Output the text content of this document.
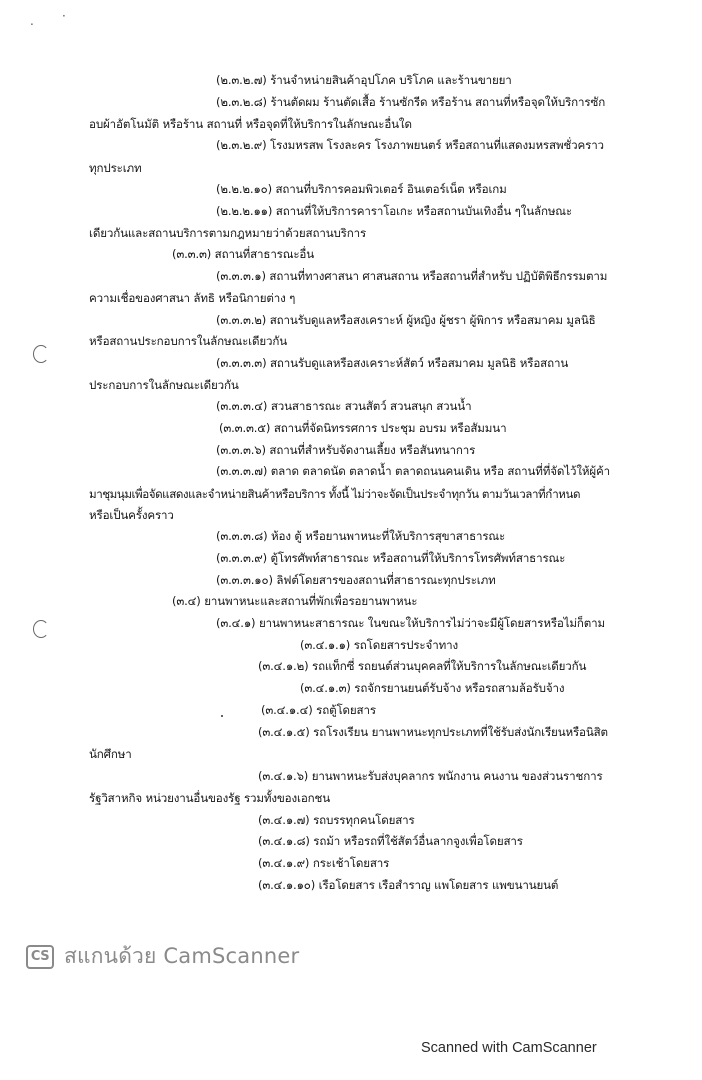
. ·
(๒.๓.๒.๗) ร้านจำหน่ายสินค้าอุปโภค บริโภค และร้านขายยา
(๒.๓.๒.๘) ร้านตัดผม ร้านตัดเสื้อ ร้านซักรีด หรือร้าน สถานที่หรือจุดให้บริการซัก
อบผ้าอัตโนมัติ หรือร้าน สถานที่ หรือจุดที่ให้บริการในลักษณะอื่นใด
(๒.๓.๒.๙) โรงมหรสพ โรงละคร โรงภาพยนตร์ หรือสถานที่แสดงมหรสพชั่วคราว
ทุกประเภท
(๒.๒.๒.๑๐) สถานที่บริการคอมพิวเตอร์ อินเตอร์เน็ต หรือเกม
(๒.๒.๒.๑๑) สถานที่ให้บริการคาราโอเกะ หรือสถานบันเทิงอื่น ๆในลักษณะ
เดียวกันและสถานบริการตามกฎหมายว่าด้วยสถานบริการ
(๓.๓.๓) สถานที่สาธารณะอื่น
(๓.๓.๓.๑) สถานที่ทางศาสนา ศาสนสถาน หรือสถานที่สำหรับ ปฏิบัติพิธีกรรมตาม
ความเชื่อของศาสนา ลัทธิ หรือนิกายต่าง ๆ
(๓.๓.๓.๒) สถานรับดูแลหรือสงเคราะห์ ผู้หญิง ผู้ชรา ผู้พิการ หรือสมาคม มูลนิธิ
หรือสถานประกอบการในลักษณะเดียวกัน
(๓.๓.๓.๓) สถานรับดูแลหรือสงเคราะห์สัตว์ หรือสมาคม มูลนิธิ หรือสถาน
ประกอบการในลักษณะเดียวกัน
(๓.๓.๓.๔) สวนสาธารณะ สวนสัตว์ สวนสนุก สวนน้ำ
(๓.๓.๓.๕) สถานที่จัดนิทรรศการ ประชุม อบรม หรือสัมมนา
(๓.๓.๓.๖) สถานที่สำหรับจัดงานเลี้ยง หรือสันทนาการ
(๓.๓.๓.๗) ตลาด ตลาดนัด ตลาดน้ำ ตลาดถนนคนเดิน หรือ สถานที่ที่จัดไว้ให้ผู้ค้า
มาชุมนุมเพื่อจัดแสดงและจำหน่ายสินค้าหรือบริการ ทั้งนี้ ไม่ว่าจะจัดเป็นประจำทุกวัน ตามวันเวลาที่กำหนด
หรือเป็นครั้งคราว
(๓.๓.๓.๘) ห้อง ตู้ หรือยานพาหนะที่ให้บริการสุขาสาธารณะ
(๓.๓.๓.๙) ตู้โทรศัพท์สาธารณะ หรือสถานที่ให้บริการโทรศัพท์สาธารณะ
(๓.๓.๓.๑๐) ลิฟต์โดยสารของสถานที่สาธารณะทุกประเภท
(๓.๔) ยานพาหนะและสถานที่พักเพื่อรอยานพาหนะ
(๓.๔.๑) ยานพาหนะสาธารณะ ในขณะให้บริการไม่ว่าจะมีผู้โดยสารหรือไม่ก็ตาม
(๓.๔.๑.๑) รถโดยสารประจำทาง
(๓.๔.๑.๒) รถแท็กซี่ รถยนต์ส่วนบุคคลที่ให้บริการในลักษณะเดียวกัน
(๓.๔.๑.๓) รถจักรยานยนต์รับจ้าง หรือรถสามล้อรับจ้าง
(๓.๔.๑.๔) รถตู้โดยสาร
(๓.๔.๑.๕) รถโรงเรียน ยานพาหนะทุกประเภทที่ใช้รับส่งนักเรียนหรือนิสิต
นักศึกษา
(๓.๔.๑.๖) ยานพาหนะรับส่งบุคลากร พนักงาน คนงาน ของส่วนราชการ
รัฐวิสาหกิจ หน่วยงานอื่นของรัฐ รวมทั้งของเอกชน
(๓.๔.๑.๗) รถบรรทุกคนโดยสาร
(๓.๔.๑.๘) รถม้า หรือรถที่ใช้สัตว์อื่นลากจูงเพื่อโดยสาร
(๓.๔.๑.๙) กระเช้าโดยสาร
(๓.๔.๑.๑๐) เรือโดยสาร เรือสำราญ แพโดยสาร แพขนานยนต์
CS สแกนด้วย CamScanner
Scanned with CamScanner
